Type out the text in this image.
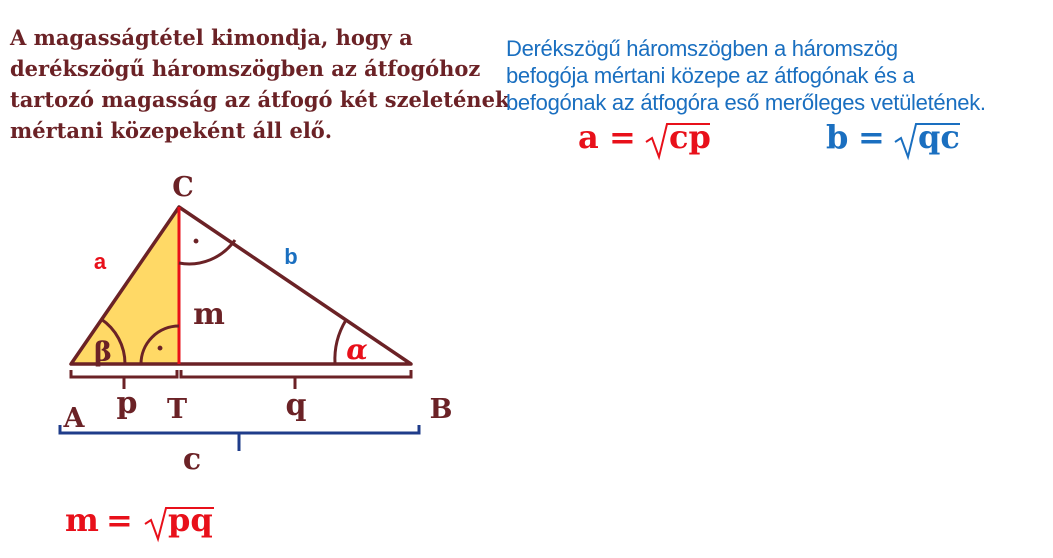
A magasságtétel kimondja, hogy a
derékszögű háromszögben az átfogóhoz
tartozó magasság az átfogó két szeletének
mértani közepeként áll elő.
Derékszögű háromszögben a háromszög
befogója mértani közepe az átfogónak és a
befogónak az átfogóra eső merőleges vetületének.
·
·
C
A	B
T
a	b
m
β	α
p	q
c
m = pq
a = cp	b = qc
